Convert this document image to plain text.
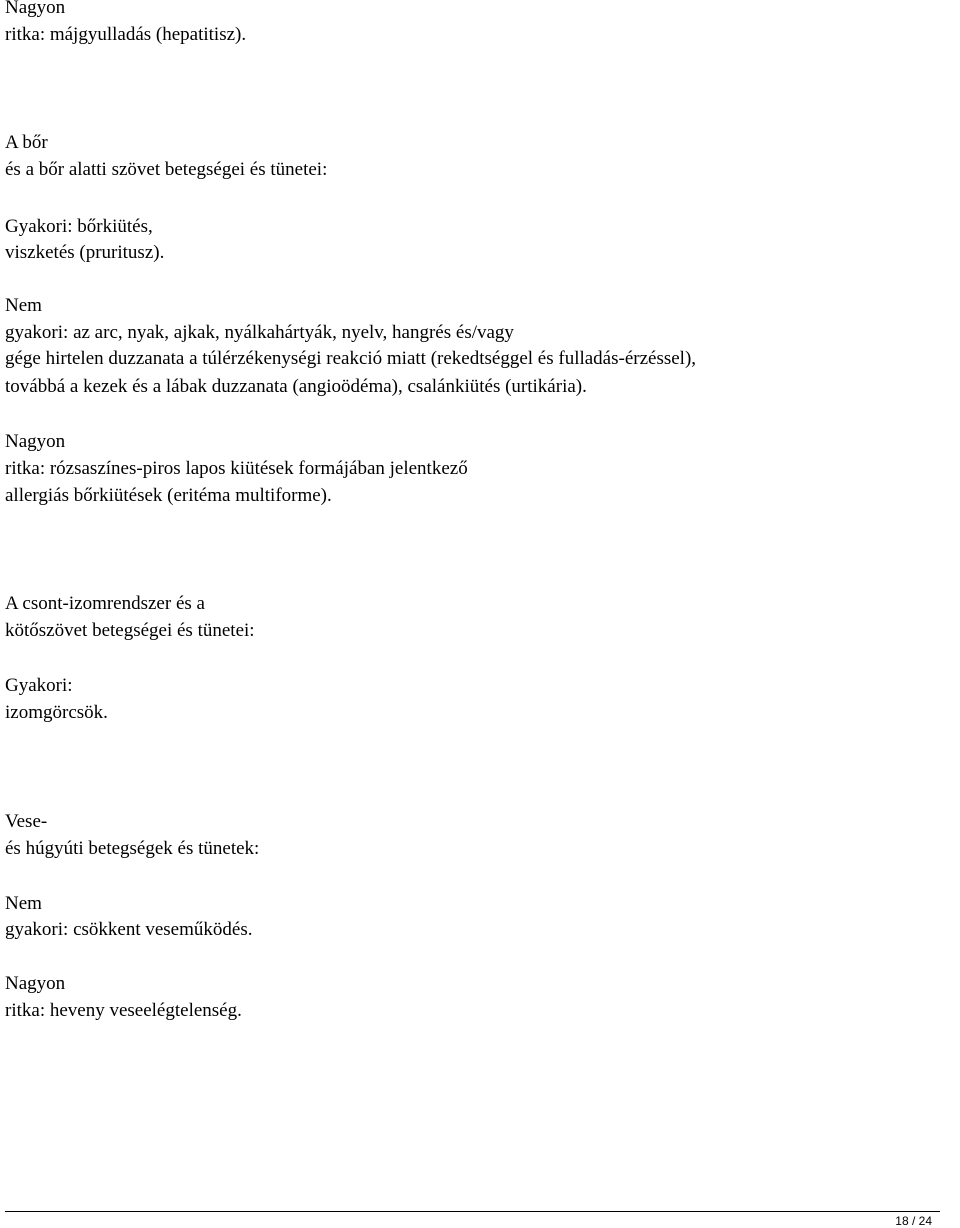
Nagyon

ritka: májgyulladás (hepatitisz).

A bőr

és a bőr alatti szövet betegségei és tünetei:

Gyakori: bőrkiütés,

viszketés (pruritusz).

Nem

gyakori: az arc, nyak, ajkak, nyálkahártyák, nyelv, hangrés és/vagy

gége hirtelen duzzanata a túlérzékenységi reakció miatt (rekedtséggel és fulladás-érzéssel),

továbbá a kezek és a lábak duzzanata (angioödéma), csalánkiütés (urtikária).

Nagyon

ritka: rózsaszínes-piros lapos kiütések formájában jelentkező

allergiás bőrkiütések (eritéma multiforme).

A csont-izomrendszer és a

kötőszövet betegségei és tünetei:

Gyakori:

izomgörcsök.

Vese-

és húgyúti betegségek és tünetek:

Nem

gyakori: csökkent veseműködés.

Nagyon

ritka: heveny veseelégtelenség.

18 / 24
